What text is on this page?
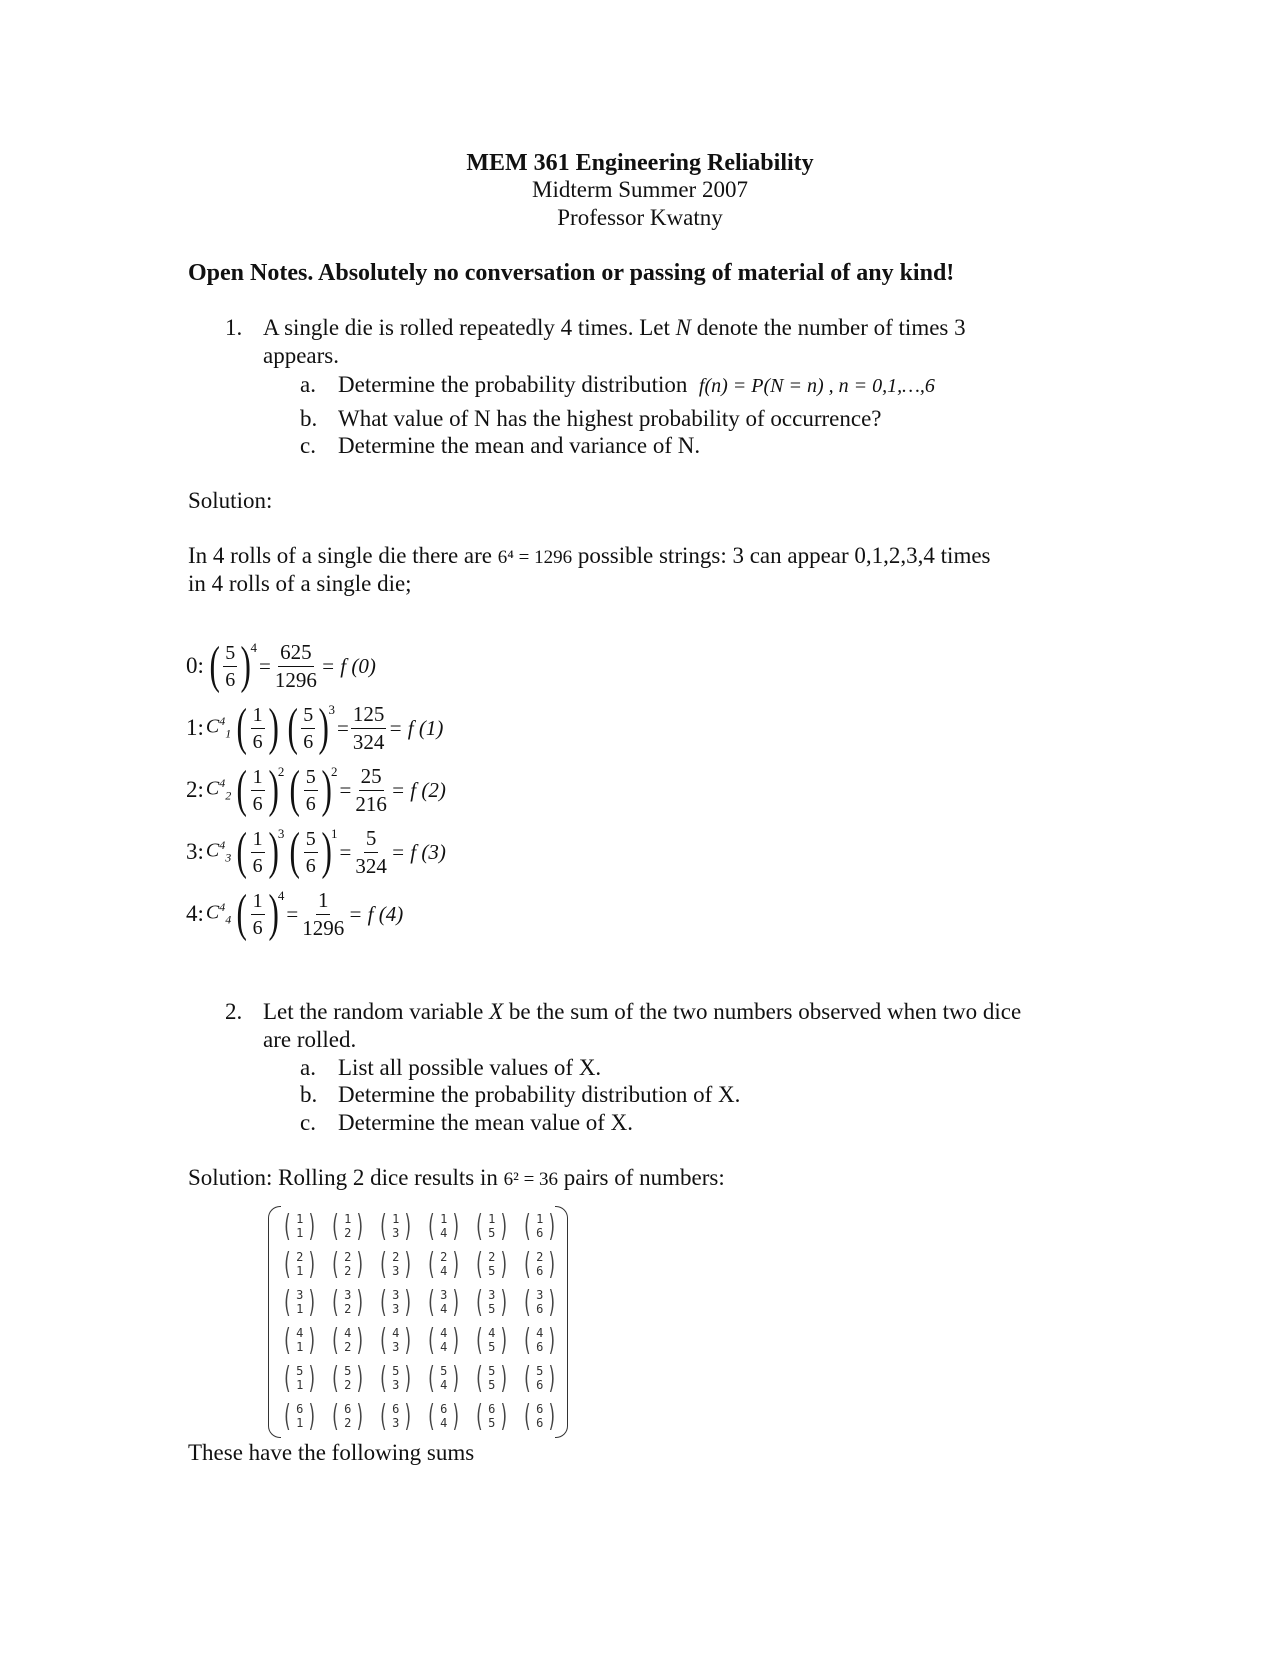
MEM 361 Engineering Reliability
Midterm Summer 2007
Professor Kwatny
Open Notes. Absolutely no conversation or passing of material of any kind!
1. A single die is rolled repeatedly 4 times. Let N denote the number of times 3
appears.
a. Determine the probability distribution f(n) = P(N = n) , n = 0,1,…,6
b. What value of N has the highest probability of occurrence?
c. Determine the mean and variance of N.
Solution:
In 4 rolls of a single die there are 6⁴ = 1296 possible strings: 3 can appear 0,1,2,3,4 times
in 4 rolls of a single die;
0: ( $\frac{5}{6} )^4$
= $\frac{625}{1296} = f$ (0)
1: $C^4_1$ ( $\frac{1}{6}$ ) ( $\frac{5}{6} )^3$
= $\frac{125}{324} = f$ (1)
2: $C^4_2$ ( $\frac{1}{6} )^2$ ( $\frac{5}{6} )^2$
= $\frac{25}{216} = f$ (2)
3: $C^4_3$ ( $\frac{1}{6} )^3$ ( $\frac{5}{6} )^1$
= $\frac{5}{324} = f$ (3)
4: $C^4_4$ ( $\frac{1}{6} )^4$
= $\frac{1}{1296} = f$ (4)
2. Let the random variable X be the sum of the two numbers observed when two dice
are rolled.
a. List all possible values of X.
b. Determine the probability distribution of X.
c. Determine the mean value of X.
Solution: Rolling 2 dice results in 6² = 36 pairs of numbers:
( 1
1 ) ( 1
2 ) ( 1
3 ) ( 1
4 ) ( 1
5 ) ( 1
6 )
( 2
1 ) ( 2
2 ) ( 2
3 ) ( 2
4 ) ( 2
5 ) ( 2
6 )
( 3
1 ) ( 3
2 ) ( 3
3 ) ( 3
4 ) ( 3
5 ) ( 3
6 )
( 4
1 ) ( 4
2 ) ( 4
3 ) ( 4
4 ) ( 4
5 ) ( 4
6 )
( 5
1 ) ( 5
2 ) ( 5
3 ) ( 5
4 ) ( 5
5 ) ( 5
6 )
( 6
1 ) ( 6
2 ) ( 6
3 ) ( 6
4 ) ( 6
5 ) ( 6
6 )
These have the following sums
